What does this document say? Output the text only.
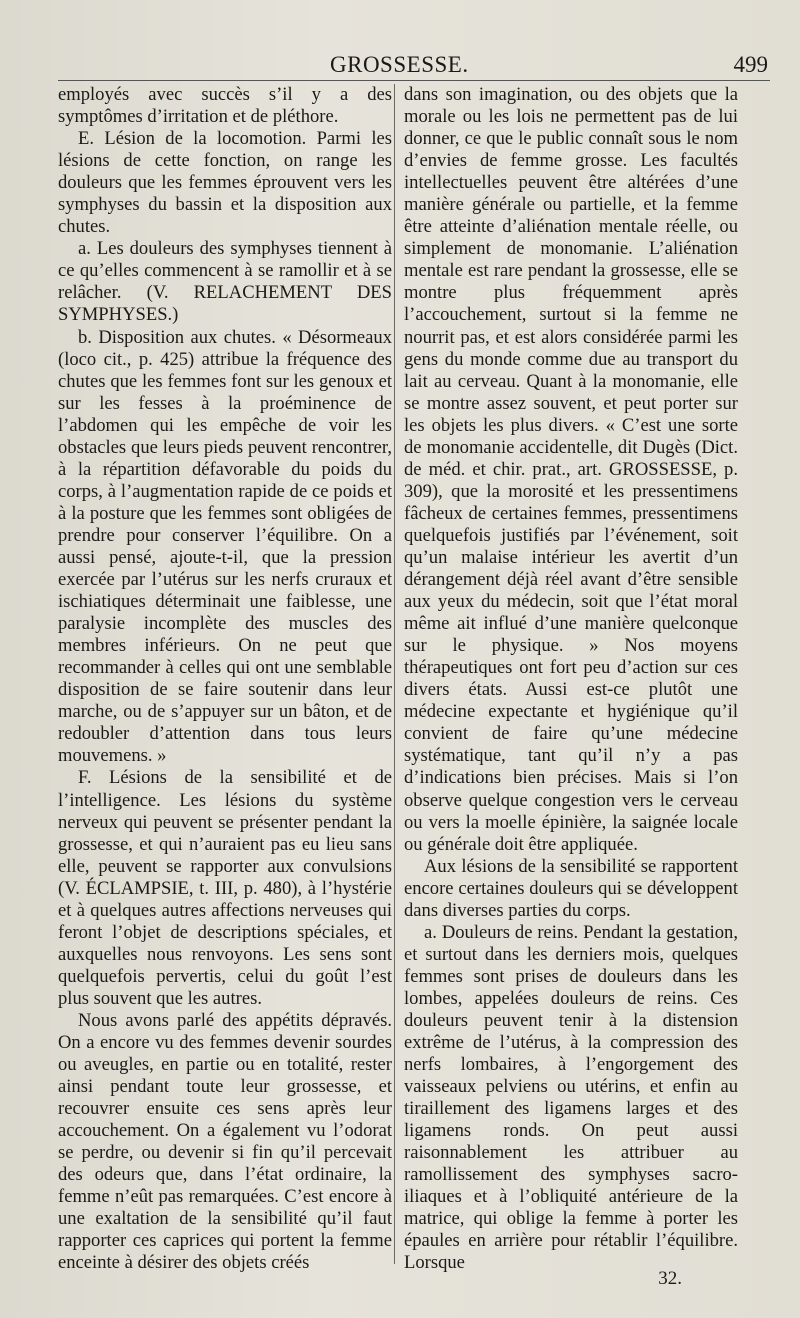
GROSSESSE.	499
employés avec succès s’il y a des symptômes d’irritation et de pléthore.
E. Lésion de la locomotion. Parmi les lésions de cette fonction, on range les douleurs que les femmes éprouvent vers les symphyses du bassin et la disposition aux chutes.
a. Les douleurs des symphyses tiennent à ce qu’elles commencent à se ramollir et à se relâcher. (V. RELACHEMENT DES SYMPHYSES.)
b. Disposition aux chutes. « Désormeaux (loco cit., p. 425) attribue la fréquence des chutes que les femmes font sur les genoux et sur les fesses à la proéminence de l’abdomen qui les empêche de voir les obstacles que leurs pieds peuvent rencontrer, à la répartition défavorable du poids du corps, à l’augmentation rapide de ce poids et à la posture que les femmes sont obligées de prendre pour conserver l’équilibre. On a aussi pensé, ajoute-t-il, que la pression exercée par l’utérus sur les nerfs cruraux et ischiatiques déterminait une faiblesse, une paralysie incomplète des muscles des membres inférieurs. On ne peut que recommander à celles qui ont une semblable disposition de se faire soutenir dans leur marche, ou de s’appuyer sur un bâton, et de redoubler d’attention dans tous leurs mouvemens. »
F. Lésions de la sensibilité et de l’intelligence. Les lésions du système nerveux qui peuvent se présenter pendant la grossesse, et qui n’auraient pas eu lieu sans elle, peuvent se rapporter aux convulsions (V. ÉCLAMPSIE, t. III, p. 480), à l’hystérie et à quelques autres affections nerveuses qui feront l’objet de descriptions spéciales, et auxquelles nous renvoyons. Les sens sont quelquefois pervertis, celui du goût l’est plus souvent que les autres.
Nous avons parlé des appétits dépravés. On a encore vu des femmes devenir sourdes ou aveugles, en partie ou en totalité, rester ainsi pendant toute leur grossesse, et recouvrer ensuite ces sens après leur accouchement. On a également vu l’odorat se perdre, ou devenir si fin qu’il percevait des odeurs que, dans l’état ordinaire, la femme n’eût pas remarquées. C’est encore à une exaltation de la sensibilité qu’il faut rapporter ces caprices qui portent la femme enceinte à désirer des objets créés
dans son imagination, ou des objets que la morale ou les lois ne permettent pas de lui donner, ce que le public connaît sous le nom d’envies de femme grosse. Les facultés intellectuelles peuvent être altérées d’une manière générale ou partielle, et la femme être atteinte d’aliénation mentale réelle, ou simplement de monomanie. L’aliénation mentale est rare pendant la grossesse, elle se montre plus fréquemment après l’accouchement, surtout si la femme ne nourrit pas, et est alors considérée parmi les gens du monde comme due au transport du lait au cerveau. Quant à la monomanie, elle se montre assez souvent, et peut porter sur les objets les plus divers. « C’est une sorte de monomanie accidentelle, dit Dugès (Dict. de méd. et chir. prat., art. GROSSESSE, p. 309), que la morosité et les pressentimens fâcheux de certaines femmes, pressentimens quelquefois justifiés par l’événement, soit qu’un malaise intérieur les avertit d’un dérangement déjà réel avant d’être sensible aux yeux du médecin, soit que l’état moral même ait influé d’une manière quelconque sur le physique. » Nos moyens thérapeutiques ont fort peu d’action sur ces divers états. Aussi est-ce plutôt une médecine expectante et hygiénique qu’il convient de faire qu’une médecine systématique, tant qu’il n’y a pas d’indications bien précises. Mais si l’on observe quelque congestion vers le cerveau ou vers la moelle épinière, la saignée locale ou générale doit être appliquée.
Aux lésions de la sensibilité se rapportent encore certaines douleurs qui se développent dans diverses parties du corps.
a. Douleurs de reins. Pendant la gestation, et surtout dans les derniers mois, quelques femmes sont prises de douleurs dans les lombes, appelées douleurs de reins. Ces douleurs peuvent tenir à la distension extrême de l’utérus, à la compression des nerfs lombaires, à l’engorgement des vaisseaux pelviens ou utérins, et enfin au tiraillement des ligamens larges et des ligamens ronds. On peut aussi raisonnablement les attribuer au ramollissement des symphyses sacro-iliaques et à l’obliquité antérieure de la matrice, qui oblige la femme à porter les épaules en arrière pour rétablir l’équilibre. Lorsque
32.
